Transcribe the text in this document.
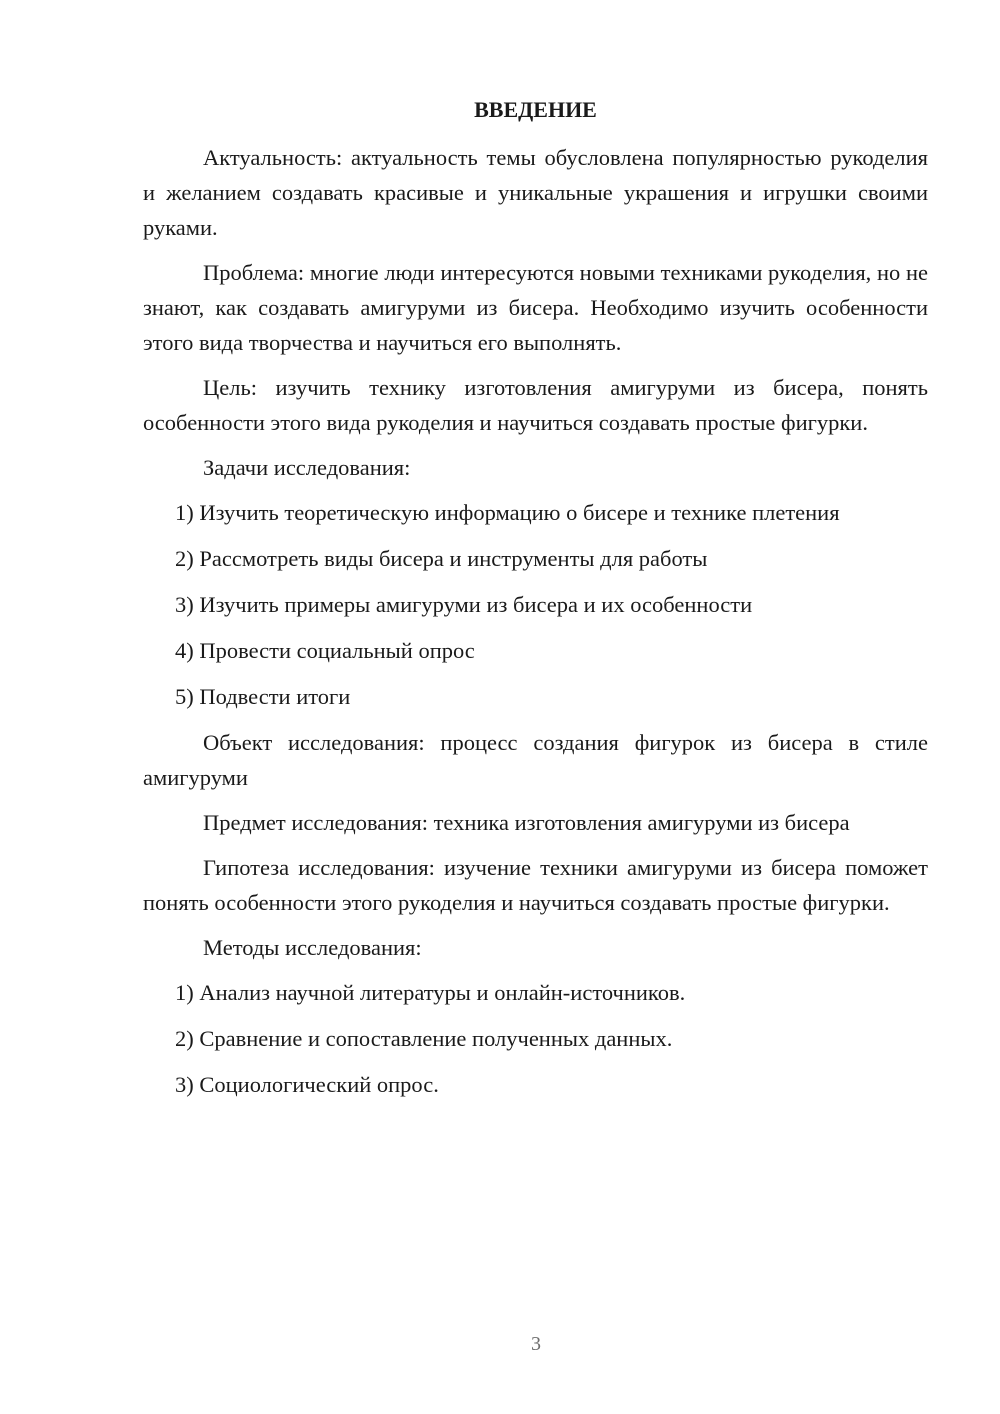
ВВЕДЕНИЕ

Актуальность: актуальность темы обусловлена популярностью рукоделия и желанием создавать красивые и уникальные украшения и игрушки своими руками.

Проблема: многие люди интересуются новыми техниками рукоделия, но не знают, как создавать амигуруми из бисера. Необходимо изучить особенности этого вида творчества и научиться его выполнять.

Цель: изучить технику изготовления амигуруми из бисера, понять особенности этого вида рукоделия и научиться создавать простые фигурки.

Задачи исследования:

1) Изучить теоретическую информацию о бисере и технике плетения
2) Рассмотреть виды бисера и инструменты для работы
3) Изучить примеры амигуруми из бисера и их особенности
4) Провести социальный опрос
5) Подвести итоги

Объект исследования: процесс создания фигурок из бисера в стиле амигуруми

Предмет исследования: техника изготовления амигуруми из бисера

Гипотеза исследования: изучение техники амигуруми из бисера поможет понять особенности этого рукоделия и научиться создавать простые фигурки.

Методы исследования:

1) Анализ научной литературы и онлайн-источников.
2) Сравнение и сопоставление полученных данных.
3) Социологический опрос.
3
